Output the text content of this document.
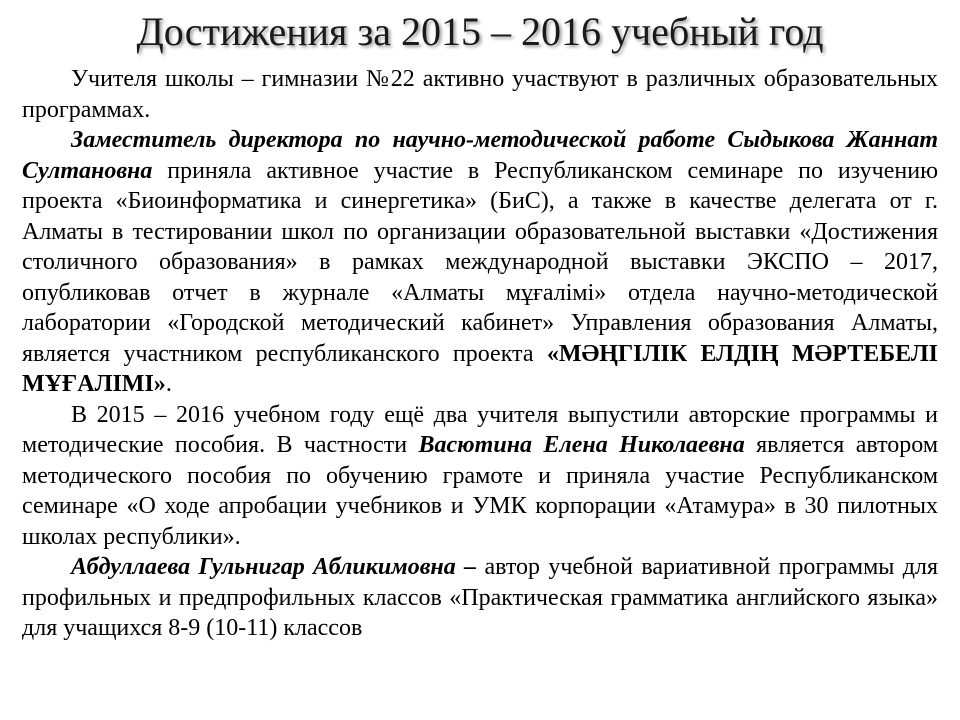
Достижения за 2015 – 2016 учебный год

Учителя школы – гимназии №22 активно участвуют в различных образовательных программах.

Заместитель директора по научно-методической работе Сыдыкова Жаннат Султановна приняла активное участие в Республиканском семинаре по изучению проекта «Биоинформатика и синергетика» (БиС), а также в качестве делегата от г. Алматы в тестировании школ по организации образовательной выставки «Достижения столичного образования» в рамках международной выставки ЭКСПО – 2017, опубликовав отчет в журнале «Алматы мұғалімі» отдела научно-методической лаборатории «Городской методический кабинет» Управления образования Алматы, является участником республиканского проекта «МӘҢГІЛІК ЕЛДІҢ МӘРТЕБЕЛІ МҰҒАЛІМІ».

В 2015 – 2016 учебном году ещё два учителя выпустили авторские программы и методические пособия. В частности Васютина Елена Николаевна является автором методического пособия по обучению грамоте и приняла участие Республиканском семинаре «О ходе апробации учебников и УМК корпорации «Атамура» в 30 пилотных школах республики».

Абдуллаева Гульнигар Абликимовна – автор учебной вариативной программы для профильных и предпрофильных классов «Практическая грамматика английского языка» для учащихся 8-9 (10-11) классов
